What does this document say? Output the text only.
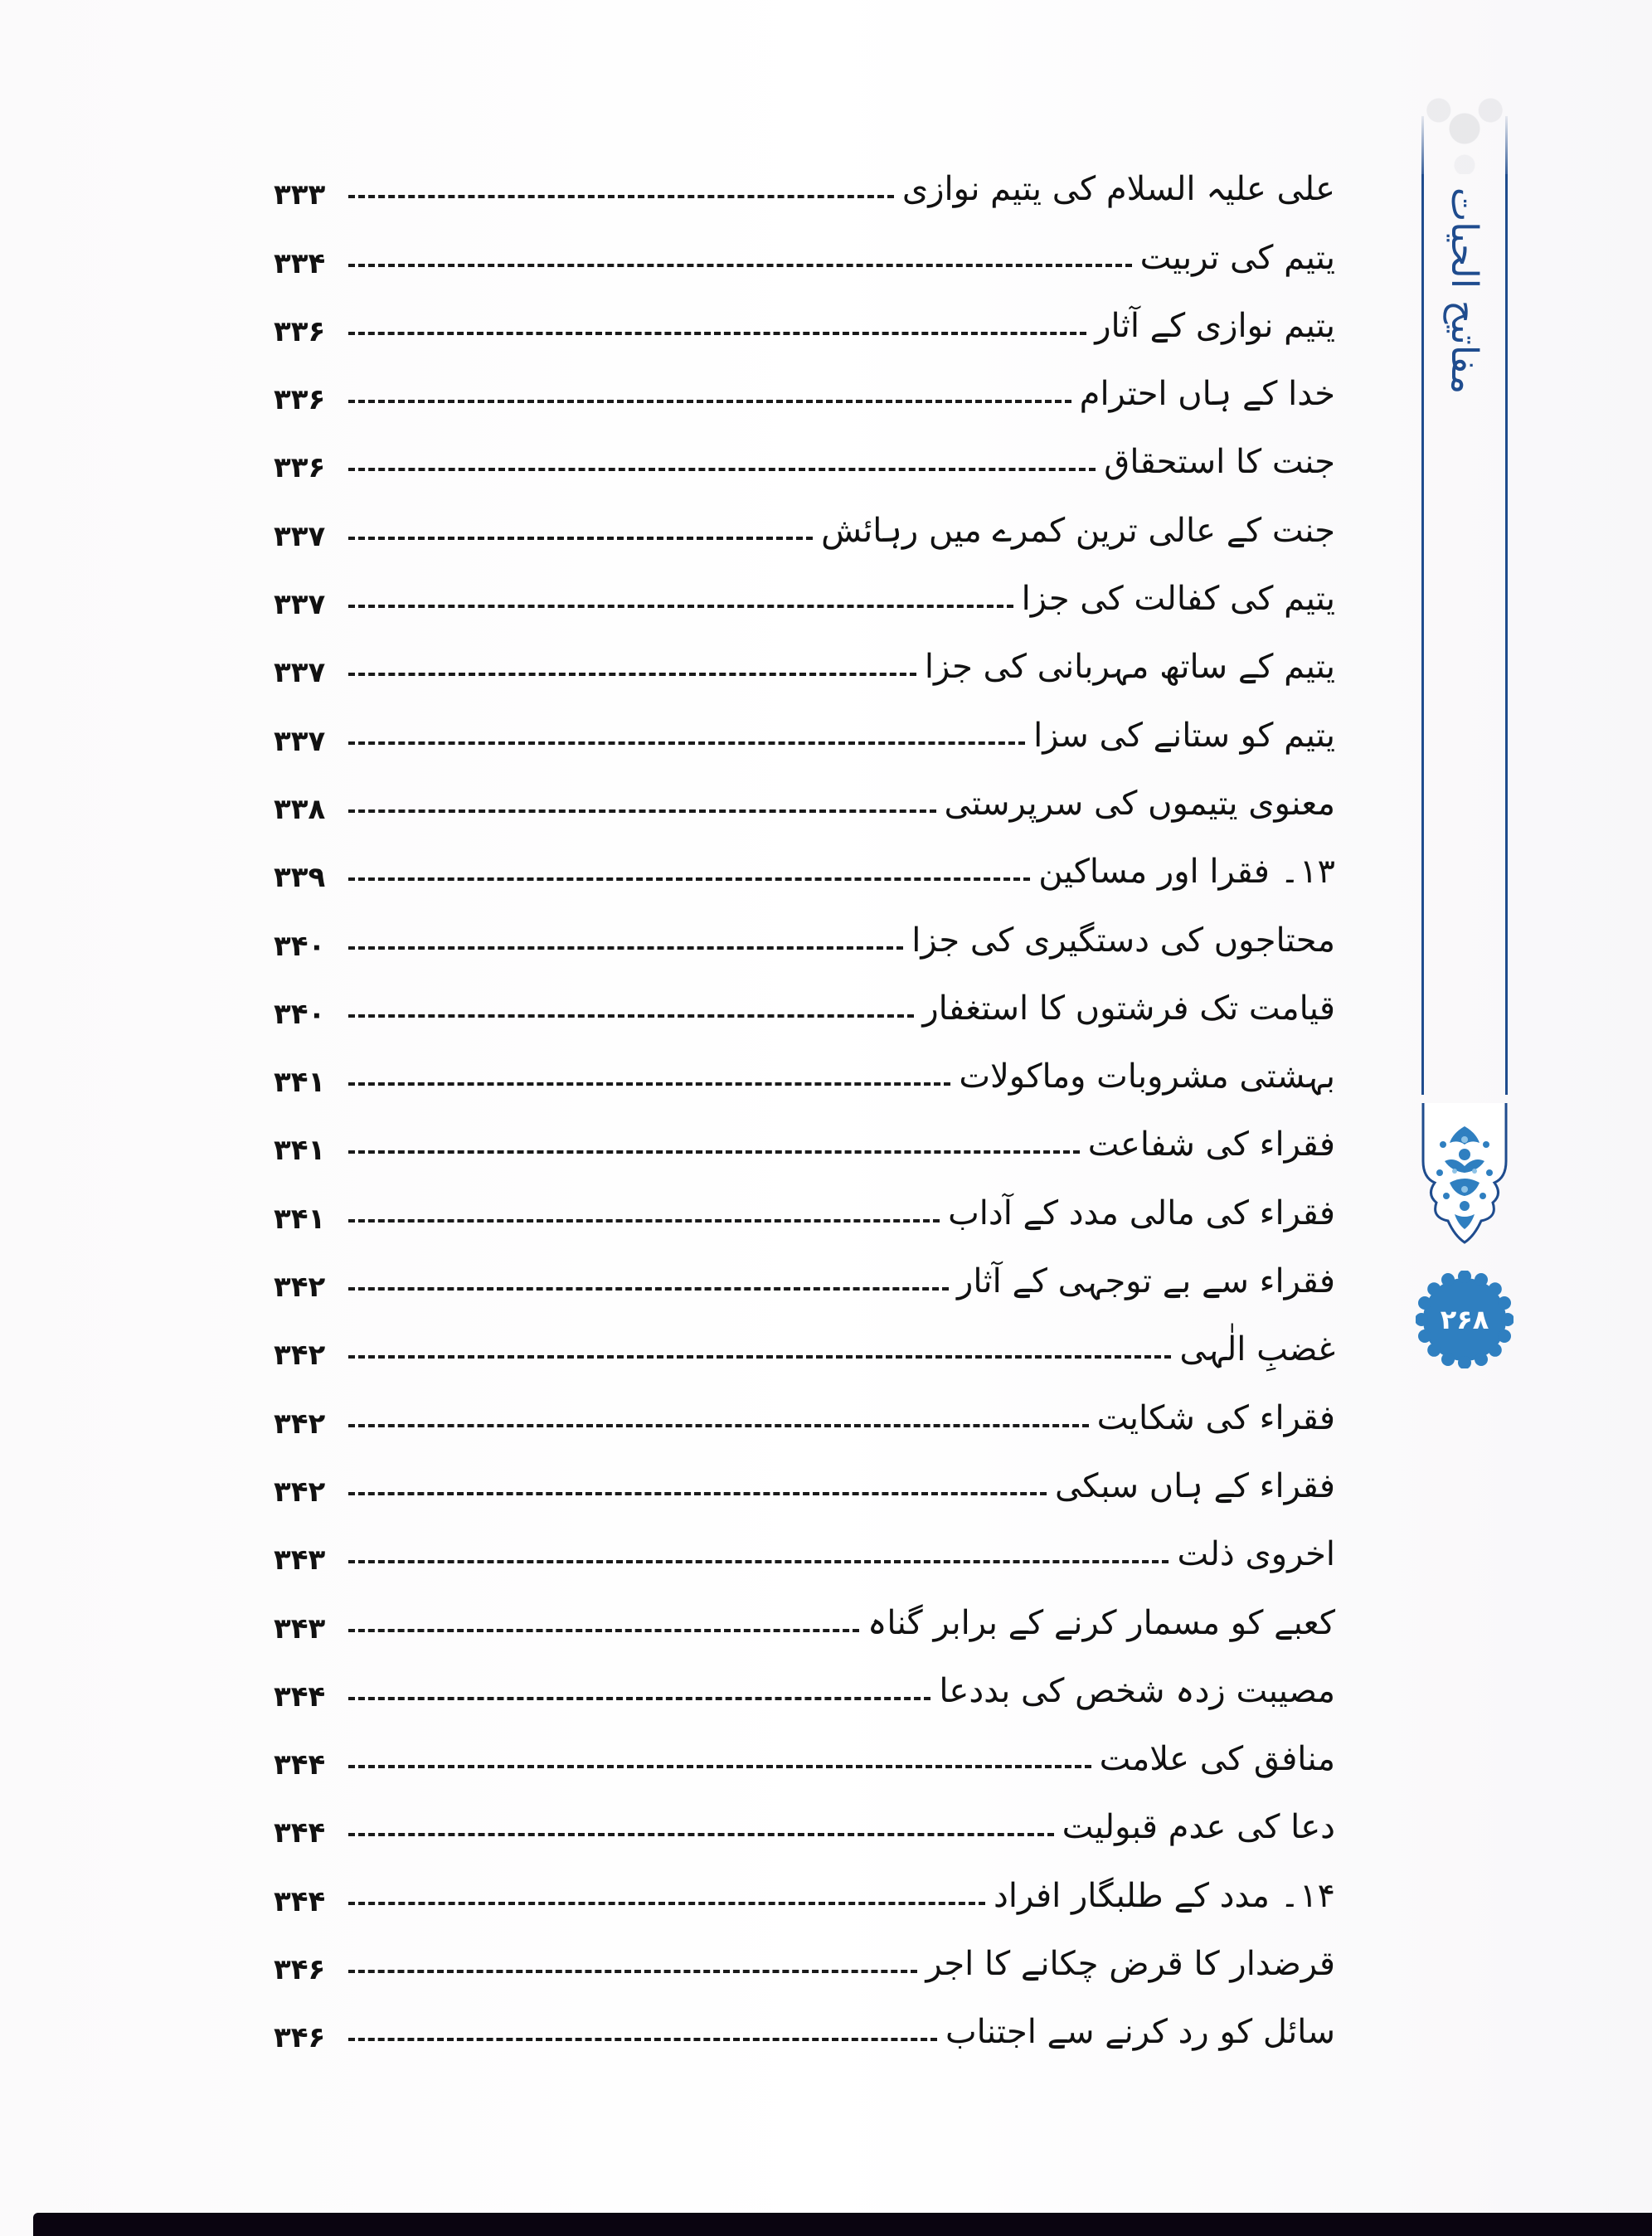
مفاتیح الحیات
۲۶۸
علی علیہ السلام کی یتیم نوازی
۳۳۳
یتیم کی تربیت
۳۳۴
یتیم نوازی کے آثار
۳۳۶
خدا کے ہاں احترام
۳۳۶
جنت کا استحقاق
۳۳۶
جنت کے عالی ترین کمرے میں رہائش
۳۳۷
یتیم کی کفالت کی جزا
۳۳۷
یتیم کے ساتھ مہربانی کی جزا
۳۳۷
یتیم کو ستانے کی سزا
۳۳۷
معنوی یتیموں کی سرپرستی
۳۳۸
۱۳۔ فقرا اور مساکین
۳۳۹
محتاجوں کی دستگیری کی جزا
۳۴۰
قیامت تک فرشتوں کا استغفار
۳۴۰
بہشتی مشروبات وماکولات
۳۴۱
فقراء کی شفاعت
۳۴۱
فقراء کی مالی مدد کے آداب
۳۴۱
فقراء سے بے توجہی کے آثار
۳۴۲
غضبِ الٰہی
۳۴۲
فقراء کی شکایت
۳۴۲
فقراء کے ہاں سبکی
۳۴۲
اخروی ذلت
۳۴۳
کعبے کو مسمار کرنے کے برابر گناہ
۳۴۳
مصیبت زدہ شخص کی بددعا
۳۴۴
منافق کی علامت
۳۴۴
دعا کی عدم قبولیت
۳۴۴
۱۴۔ مدد کے طلبگار افراد
۳۴۴
قرضدار کا قرض چکانے کا اجر
۳۴۶
سائل کو رد کرنے سے اجتناب
۳۴۶
